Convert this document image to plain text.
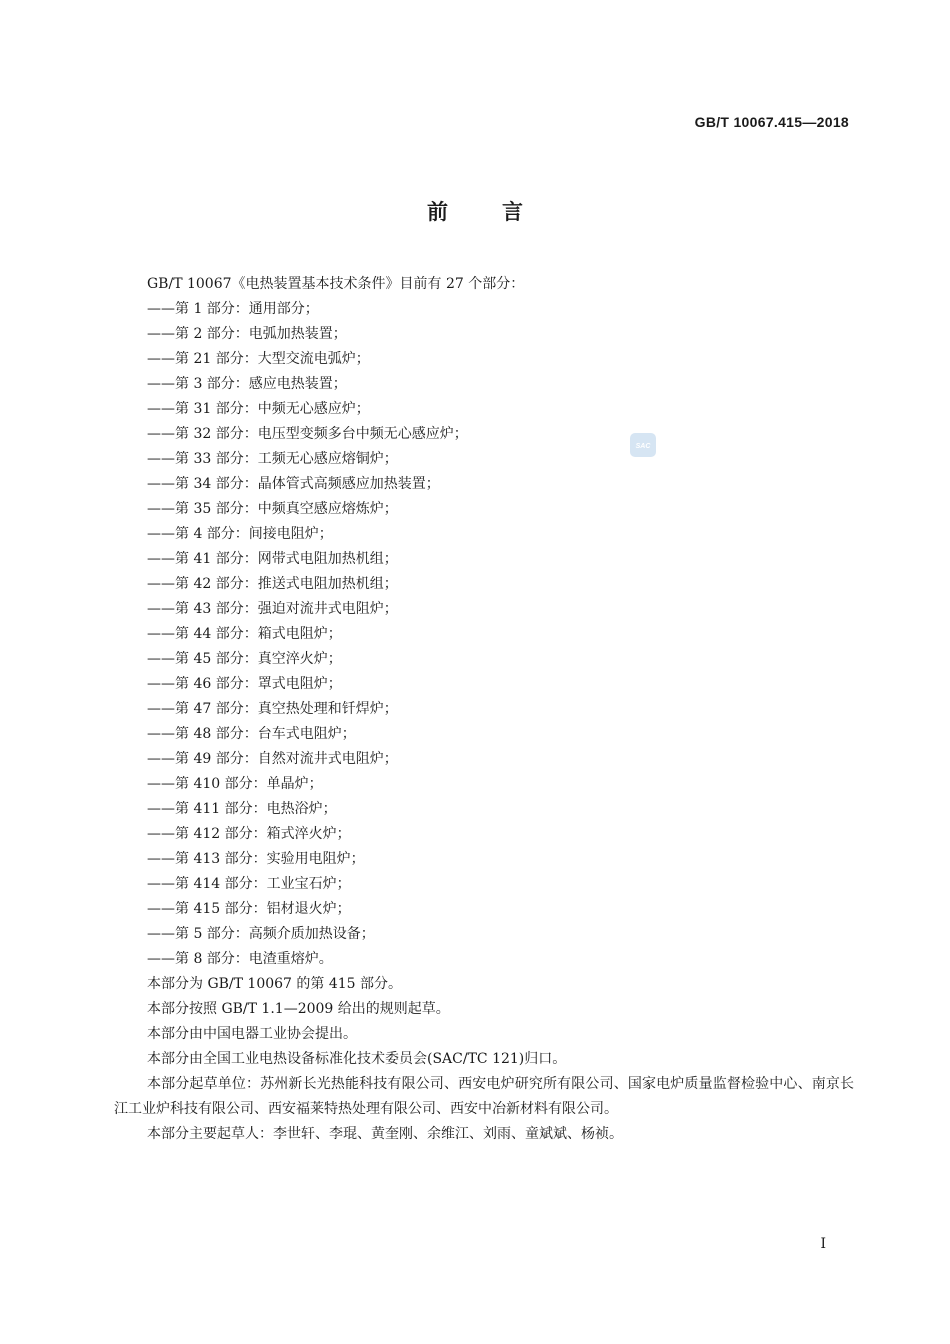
GB/T 10067.415—2018
前言

GB/T 10067《电热装置基本技术条件》目前有 27 个部分：

——第 1 部分：通用部分；
——第 2 部分：电弧加热装置；
——第 21 部分：大型交流电弧炉；
——第 3 部分：感应电热装置；
——第 31 部分：中频无心感应炉；
——第 32 部分：电压型变频多台中频无心感应炉；
——第 33 部分：工频无心感应熔铜炉；
——第 34 部分：晶体管式高频感应加热装置；
——第 35 部分：中频真空感应熔炼炉；
——第 4 部分：间接电阻炉；
——第 41 部分：网带式电阻加热机组；
——第 42 部分：推送式电阻加热机组；
——第 43 部分：强迫对流井式电阻炉；
——第 44 部分：箱式电阻炉；
——第 45 部分：真空淬火炉；
——第 46 部分：罩式电阻炉；
——第 47 部分：真空热处理和钎焊炉；
——第 48 部分：台车式电阻炉；
——第 49 部分：自然对流井式电阻炉；
——第 410 部分：单晶炉；
——第 411 部分：电热浴炉；
——第 412 部分：箱式淬火炉；
——第 413 部分：实验用电阻炉；
——第 414 部分：工业宝石炉；
——第 415 部分：铝材退火炉；
——第 5 部分：高频介质加热设备；
——第 8 部分：电渣重熔炉。

本部分为 GB/T 10067 的第 415 部分。

本部分按照 GB/T 1.1—2009 给出的规则起草。

本部分由中国电器工业协会提出。

本部分由全国工业电热设备标准化技术委员会(SAC/TC 121)归口。

本部分起草单位：苏州新长光热能科技有限公司、西安电炉研究所有限公司、国家电炉质量监督检验中心、南京长江工业炉科技有限公司、西安福莱特热处理有限公司、西安中冶新材料有限公司。

本部分主要起草人：李世轩、李琨、黄奎刚、余维江、刘雨、童斌斌、杨祯。

SAC
I
